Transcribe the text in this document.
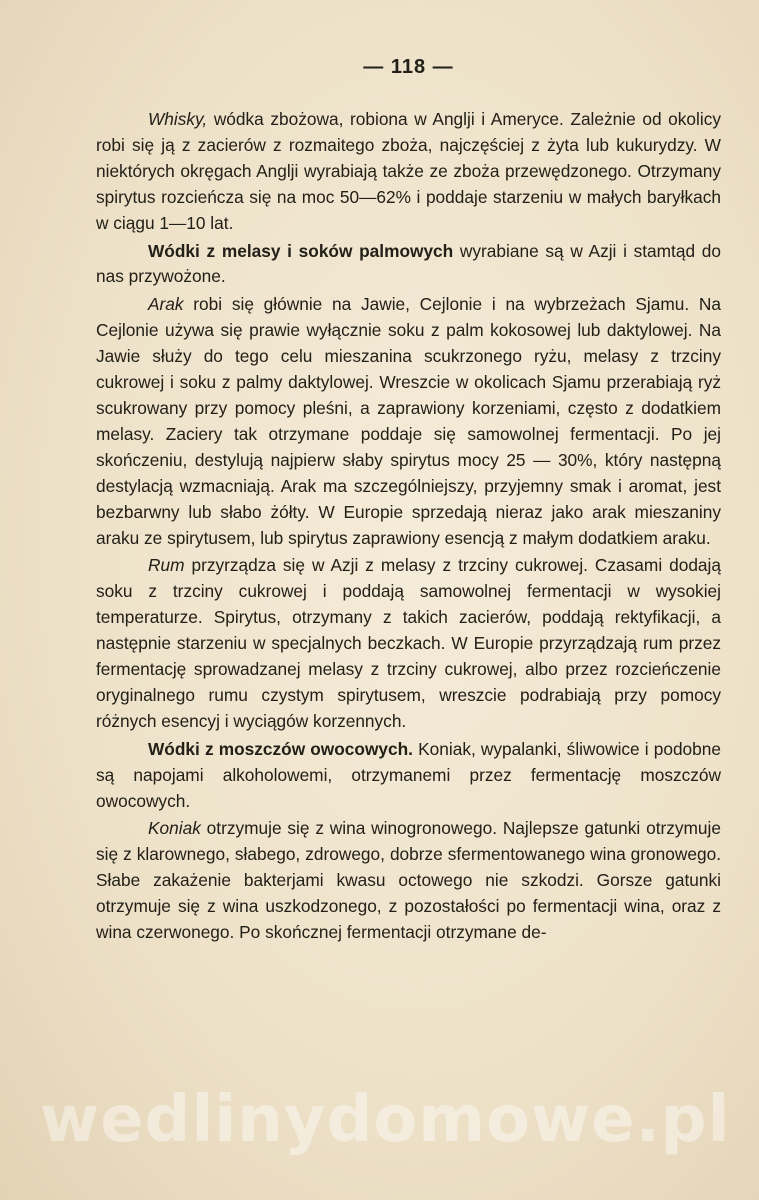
— 118 —

Whisky, wódka zbożowa, robiona w Anglji i Ameryce. Zależnie od okolicy robi się ją z zacierów z rozmaitego zboża, najczęściej z żyta lub kukurydzy. W niektórych okręgach Anglji wyrabiają także ze zboża przewędzonego. Otrzymany spirytus rozcieńcza się na moc 50—62% i poddaje starzeniu w małych baryłkach w ciągu 1—10 lat.

Wódki z melasy i soków palmowych wyrabiane są w Azji i stamtąd do nas przywożone.

Arak robi się głównie na Jawie, Cejlonie i na wybrzeżach Sjamu. Na Cejlonie używa się prawie wyłącznie soku z palm kokosowej lub daktylowej. Na Jawie służy do tego celu mieszanina scukrzonego ryżu, melasy z trzciny cukrowej i soku z palmy daktylowej. Wreszcie w okolicach Sjamu przerabiają ryż scukrowany przy pomocy pleśni, a zaprawiony korzeniami, często z dodatkiem melasy. Zaciery tak otrzymane poddaje się samowolnej fermentacji. Po jej skończeniu, destylują najpierw słaby spirytus mocy 25 — 30%, który następną destylacją wzmacniają. Arak ma szczególniejszy, przyjemny smak i aromat, jest bezbarwny lub słabo żółty. W Europie sprzedają nieraz jako arak mieszaniny araku ze spirytusem, lub spirytus zaprawiony esencją z małym dodatkiem araku.

Rum przyrządza się w Azji z melasy z trzciny cukrowej. Czasami dodają soku z trzciny cukrowej i poddają samowolnej fermentacji w wysokiej temperaturze. Spirytus, otrzymany z takich zacierów, poddają rektyfikacji, a następnie starzeniu w specjalnych beczkach. W Europie przyrządzają rum przez fermentację sprowadzanej melasy z trzciny cukrowej, albo przez rozcieńczenie oryginalnego rumu czystym spirytusem, wreszcie podrabiają przy pomocy różnych esencyj i wyciągów korzennych.

Wódki z moszczów owocowych. Koniak, wypalanki, śliwowice i podobne są napojami alkoholowemi, otrzymanemi przez fermentację moszczów owocowych.

Koniak otrzymuje się z wina winogronowego. Najlepsze gatunki otrzymuje się z klarownego, słabego, zdrowego, dobrze sfermentowanego wina gronowego. Słabe zakażenie bakterjami kwasu octowego nie szkodzi. Gorsze gatunki otrzymuje się z wina uszkodzonego, z pozostałości po fermentacji wina, oraz z wina czerwonego. Po skończnej fermentacji otrzymane de-

wedlinydomowe.pl
